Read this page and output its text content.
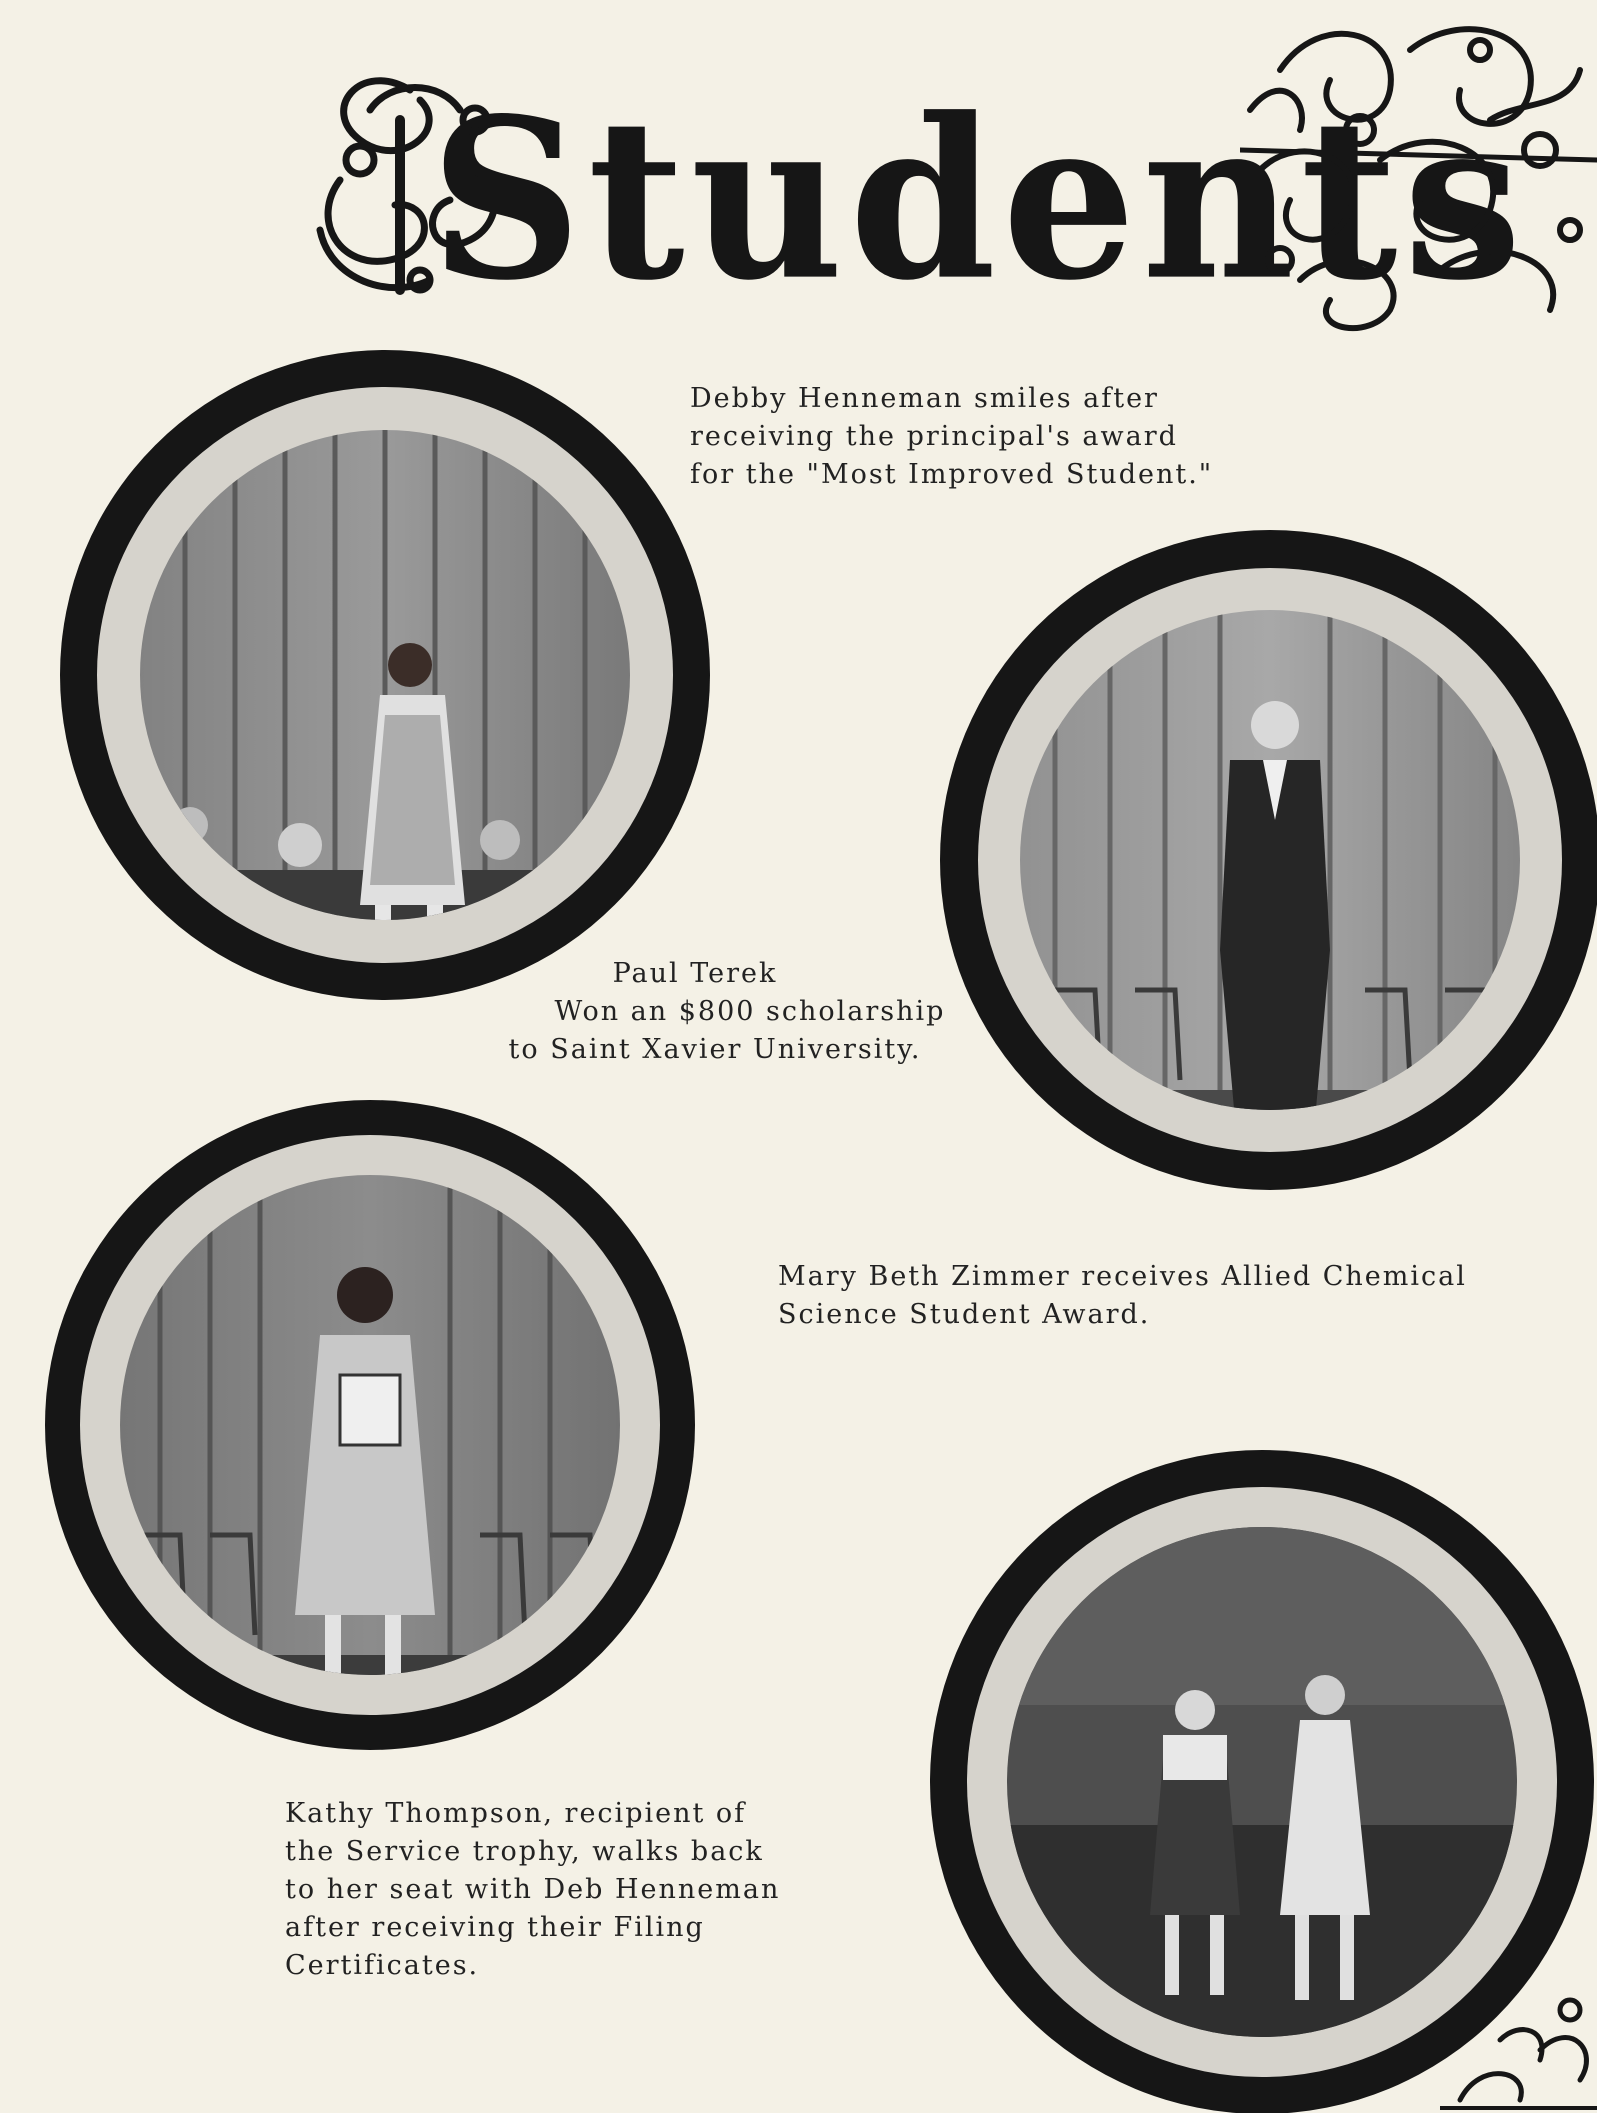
Students
Debby Henneman smiles after
receiving the principal's award
for the "Most Improved Student."
Paul Terek
Won an $800 scholarship
to Saint Xavier University.
Mary Beth Zimmer receives Allied Chemical
Science Student Award.
Kathy Thompson, recipient of
the Service trophy, walks back
to her seat with Deb Henneman
after receiving their Filing
Certificates.
